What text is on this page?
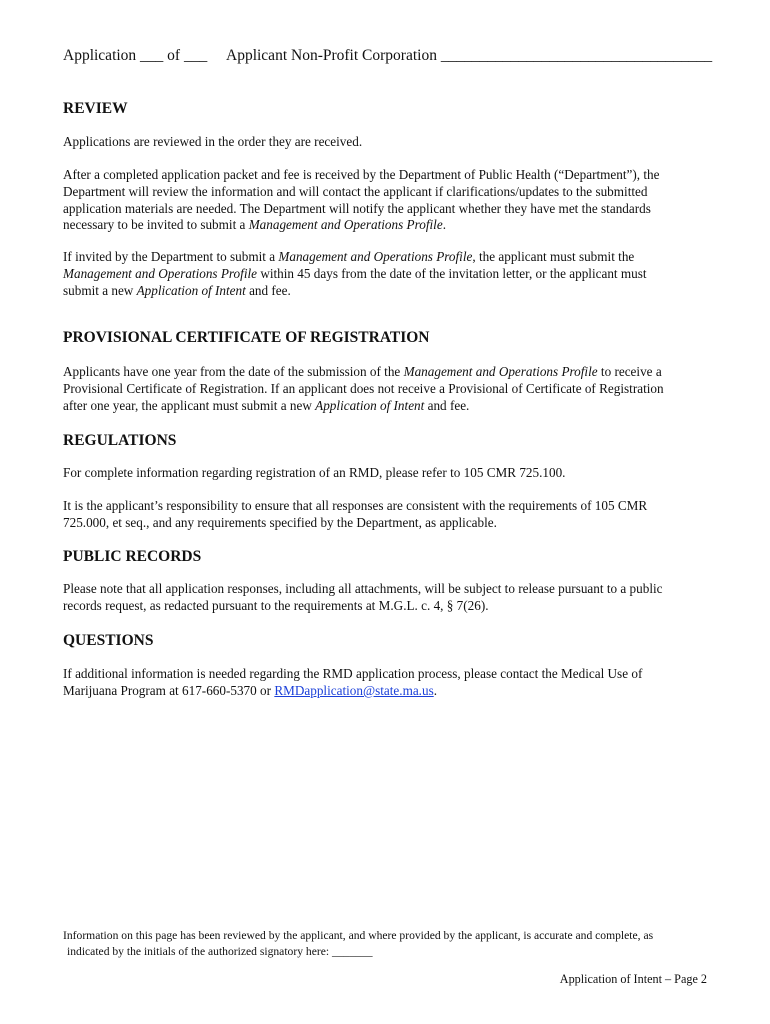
Application ___ of ___ Applicant Non-Profit Corporation ___________________________________
REVIEW
Applications are reviewed in the order they are received.
After a completed application packet and fee is received by the Department of Public Health (“Department”), the
Department will review the information and will contact the applicant if clarifications/updates to the submitted
application materials are needed. The Department will notify the applicant whether they have met the standards
necessary to be invited to submit a Management and Operations Profile.
If invited by the Department to submit a Management and Operations Profile, the applicant must submit the
Management and Operations Profile within 45 days from the date of the invitation letter, or the applicant must
submit a new Application of Intent and fee.
PROVISIONAL CERTIFICATE OF REGISTRATION
Applicants have one year from the date of the submission of the Management and Operations Profile to receive a
Provisional Certificate of Registration. If an applicant does not receive a Provisional of Certificate of Registration
after one year, the applicant must submit a new Application of Intent and fee.
REGULATIONS
For complete information regarding registration of an RMD, please refer to 105 CMR 725.100.
It is the applicant’s responsibility to ensure that all responses are consistent with the requirements of 105 CMR
725.000, et seq., and any requirements specified by the Department, as applicable.
PUBLIC RECORDS
Please note that all application responses, including all attachments, will be subject to release pursuant to a public
records request, as redacted pursuant to the requirements at M.G.L. c. 4, § 7(26).
QUESTIONS
If additional information is needed regarding the RMD application process, please contact the Medical Use of
Marijuana Program at 617-660-5370 or RMDapplication@state.ma.us.
Information on this page has been reviewed by the applicant, and where provided by the applicant, is accurate and complete, as
indicated by the initials of the authorized signatory here: _______
Application of Intent – Page 2
